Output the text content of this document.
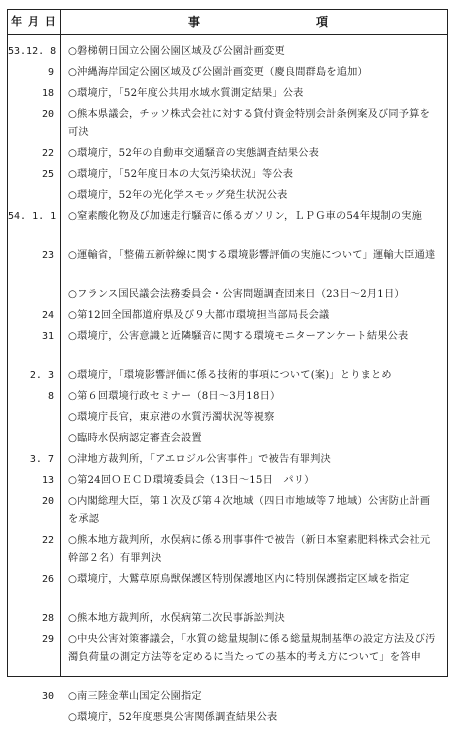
年 月 日	事	項
53.12. 8 ○磐梯朝日国立公園公園区域及び公園計画変更
9 ○沖縄海岸国定公園区域及び公園計画変更（慶良間群島を追加）
18 ○環境庁，「52年度公共用水域水質測定結果」公表
20 ○熊本県議会，チッソ株式会社に対する貸付資金特別会計条例案及び同予算を可決
22 ○環境庁，52年の自動車交通騒音の実態調査結果公表
25 ○環境庁，「52年度日本の大気汚染状況」等公表
○環境庁，52年の光化学スモッグ発生状況公表
54. 1. 1 ○窒素酸化物及び加速走行騒音に係るガソリン，ＬＰＧ車の54年規制の実施
23 ○運輸省，「整備五新幹線に関する環境影響評価の実施について」運輸大臣通達
○フランス国民議会法務委員会・公害問題調査団来日（23日～2月1日）
24 ○第12回全国都道府県及び９大都市環境担当部局長会議
31 ○環境庁，公害意識と近隣騒音に関する環境モニターアンケート結果公表
2. 3 ○環境庁，「環境影響評価に係る技術的事項について(案)」とりまとめ
8 ○第６回環境行政セミナー（8日～3月18日）
○環境庁長官，東京港の水質汚濁状況等視察
○臨時水俣病認定審査会設置
3. 7 ○津地方裁判所，「アエロジル公害事件」で被告有罪判決
13 ○第24回ＯＥＣＤ環境委員会（13日～15日　パリ）
20 ○内閣総理大臣，第１次及び第４次地域（四日市地域等７地域）公害防止計画を承認
22 ○熊本地方裁判所，水俣病に係る刑事事件で被告（新日本窒素肥料株式会社元幹部２名）有罪判決
26 ○環境庁，大鷲草原鳥獣保護区特別保護地区内に特別保護指定区域を指定
28 ○熊本地方裁判所，水俣病第二次民事訴訟判決
29 ○中央公害対策審議会，「水質の総量規制に係る総量規制基準の設定方法及び汚濁負荷量の測定方法等を定めるに当たっての基本的考え方について」を答申
30 ○南三陸金華山国定公園指定
○環境庁，52年度悪臭公害関係調査結果公表
